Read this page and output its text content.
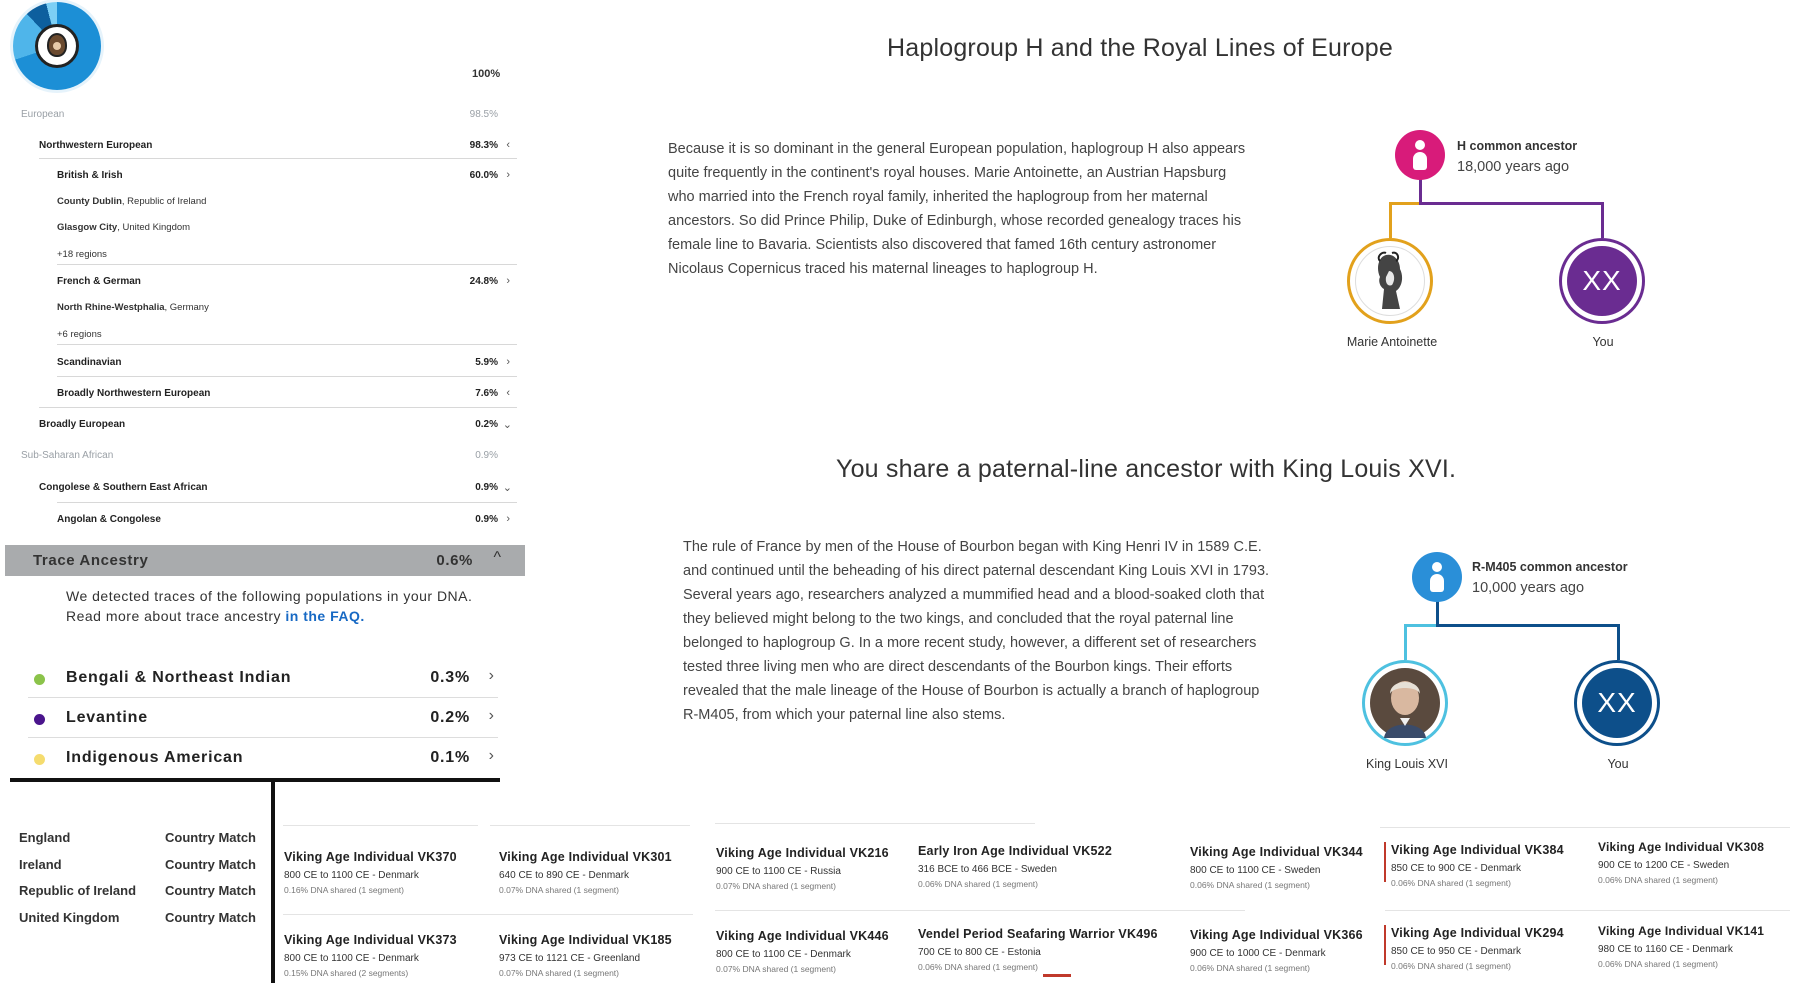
100%
European	98.5%
Northwestern European	98.3% ‹
British & Irish	60.0% ›
County Dublin, Republic of Ireland
Glasgow City, United Kingdom
+18 regions
French & German	24.8% ›
North Rhine-Westphalia, Germany
+6 regions
Scandinavian	5.9% ›
Broadly Northwestern European	7.6% ‹
Broadly European	0.2% ⌄
Sub-Saharan African	0.9%
Congolese & Southern East African	0.9% ⌄
Angolan & Congolese	0.9% ›
Trace Ancestry	0.6% ^
We detected traces of the following populations in your DNA. Read more about trace ancestry in the FAQ.
Bengali & Northeast Indian	0.3% ›
Levantine	0.2% ›
Indigenous American	0.1% ›
England	Country Match
Ireland	Country Match
Republic of Ireland Country Match
United Kingdom	Country Match
Viking Age Individual VK370
800 CE to 1100 CE - Denmark
0.16% DNA shared (1 segment)
Viking Age Individual VK301
640 CE to 890 CE - Denmark
0.07% DNA shared (1 segment)
Viking Age Individual VK216
900 CE to 1100 CE - Russia
0.07% DNA shared (1 segment)
Early Iron Age Individual VK522
316 BCE to 466 BCE - Sweden
0.06% DNA shared (1 segment)
Viking Age Individual VK344
800 CE to 1100 CE - Sweden
0.06% DNA shared (1 segment)
Viking Age Individual VK384
850 CE to 900 CE - Denmark
0.06% DNA shared (1 segment)
Viking Age Individual VK308
900 CE to 1200 CE - Sweden
0.06% DNA shared (1 segment)
Viking Age Individual VK373
800 CE to 1100 CE - Denmark
0.15% DNA shared (2 segments)
Viking Age Individual VK185
973 CE to 1121 CE - Greenland
0.07% DNA shared (1 segment)
Viking Age Individual VK446
800 CE to 1100 CE - Denmark
0.07% DNA shared (1 segment)
Vendel Period Seafaring Warrior VK496
700 CE to 800 CE - Estonia
0.06% DNA shared (1 segment)
Viking Age Individual VK366
900 CE to 1000 CE - Denmark
0.06% DNA shared (1 segment)
Viking Age Individual VK294
850 CE to 950 CE - Denmark
0.06% DNA shared (1 segment)
Viking Age Individual VK141
980 CE to 1160 CE - Denmark
0.06% DNA shared (1 segment)
Haplogroup H and the Royal Lines of Europe
Because it is so dominant in the general European population, haplogroup H also appears quite frequently in the continent's royal houses. Marie Antoinette, an Austrian Hapsburg who married into the French royal family, inherited the haplogroup from her maternal ancestors. So did Prince Philip, Duke of Edinburgh, whose recorded genealogy traces his female line to Bavaria. Scientists also discovered that famed 16th century astronomer Nicolaus Copernicus traced his maternal lineages to haplogroup H.
H common ancestor
18,000 years ago
Marie Antoinette
XX
You
You share a paternal-line ancestor with King Louis XVI.
The rule of France by men of the House of Bourbon began with King Henri IV in 1589 C.E. and continued until the beheading of his direct paternal descendant King Louis XVI in 1793. Several years ago, researchers analyzed a mummified head and a blood-soaked cloth that they believed might belong to the two kings, and concluded that the royal paternal line belonged to haplogroup G. In a more recent study, however, a different set of researchers tested three living men who are direct descendants of the Bourbon kings. Their efforts revealed that the male lineage of the House of Bourbon is actually a branch of haplogroup R-M405, from which your paternal line also stems.
R-M405 common ancestor
10,000 years ago
King Louis XVI
XX
You
